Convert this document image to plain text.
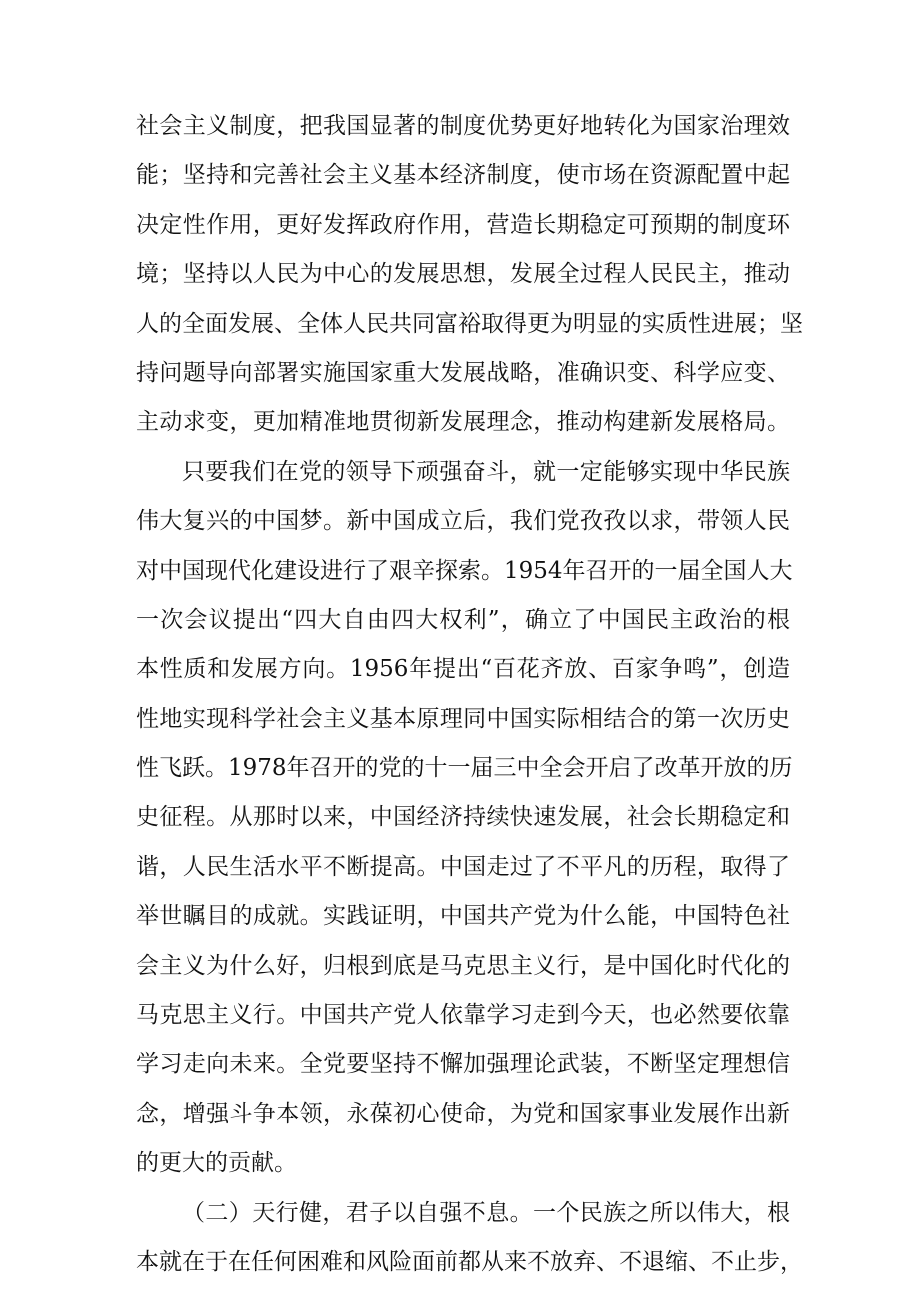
社会主义制度，把我国显著的制度优势更好地转化为国家治理效
能；坚持和完善社会主义基本经济制度，使市场在资源配置中起
决定性作用，更好发挥政府作用，营造长期稳定可预期的制度环
境；坚持以人民为中心的发展思想，发展全过程人民民主，推动
人的全面发展、全体人民共同富裕取得更为明显的实质性进展；坚
持问题导向部署实施国家重大发展战略，准确识变、科学应变、
主动求变，更加精准地贯彻新发展理念，推动构建新发展格局。
只要我们在党的领导下顽强奋斗，就一定能够实现中华民族
伟大复兴的中国梦。新中国成立后，我们党孜孜以求，带领人民
对中国现代化建设进行了艰辛探索。1954年召开的一届全国人大
一次会议提出“四大自由四大权利”，确立了中国民主政治的根
本性质和发展方向。1956年提出“百花齐放、百家争鸣”，创造
性地实现科学社会主义基本原理同中国实际相结合的第一次历史
性飞跃。1978年召开的党的十一届三中全会开启了改革开放的历
史征程。从那时以来，中国经济持续快速发展，社会长期稳定和
谐，人民生活水平不断提高。中国走过了不平凡的历程，取得了
举世瞩目的成就。实践证明，中国共产党为什么能，中国特色社
会主义为什么好，归根到底是马克思主义行，是中国化时代化的
马克思主义行。中国共产党人依靠学习走到今天，也必然要依靠
学习走向未来。全党要坚持不懈加强理论武装，不断坚定理想信
念，增强斗争本领，永葆初心使命，为党和国家事业发展作出新
的更大的贡献。
（二）天行健，君子以自强不息。一个民族之所以伟大，根
本就在于在任何困难和风险面前都从来不放弃、不退缩、不止步，
